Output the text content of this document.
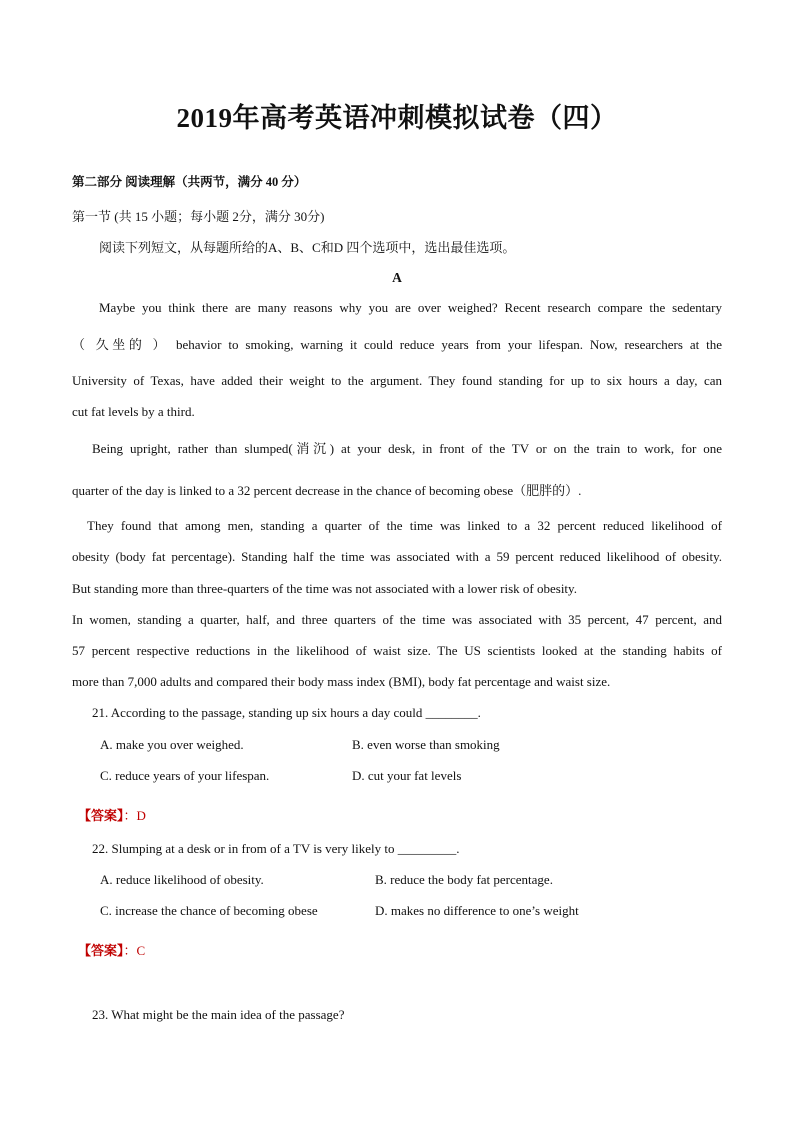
2019年高考英语冲刺模拟试卷（四）
第二部分 阅读理解（共两节，满分 40 分）
第一节 (共 15 小题；每小题 2分，满分 30分)
阅读下列短文，从每题所给的A、B、C和D 四个选项中，选出最佳选项。
A
Maybe you think there are many reasons why you are over weighed? Recent research compare the sedentary
（ 久坐的 ） behavior to smoking, warning it could reduce years from your lifespan. Now, researchers at the
University of Texas, have added their weight to the argument. They found standing for up to six hours a day, can
cut fat levels by a third.
Being upright, rather than slumped(消沉) at your desk, in front of the TV or on the train to work, for one
quarter of the day is linked to a 32 percent decrease in the chance of becoming obese（肥胖的）.
They found that among men, standing a quarter of the time was linked to a 32 percent reduced likelihood of
obesity (body fat percentage). Standing half the time was associated with a 59 percent reduced likelihood of obesity.
But standing more than three-quarters of the time was not associated with a lower risk of obesity.
In women, standing a quarter, half, and three quarters of the time was associated with 35 percent, 47 percent, and
57 percent respective reductions in the likelihood of waist size. The US scientists looked at the standing habits of
more than 7,000 adults and compared their body mass index (BMI), body fat percentage and waist size.
21. According to the passage, standing up six hours a day could ________.
A. make you over weighed.	B. even worse than smoking
C. reduce years of your lifespan.	D. cut your fat levels
【答案】：D
22. Slumping at a desk or in from of a TV is very likely to _________.
A. reduce likelihood of obesity.	B. reduce the body fat percentage.
C. increase the chance of becoming obese	D. makes no difference to one’s weight
【答案】：C
23. What might be the main idea of the passage?
